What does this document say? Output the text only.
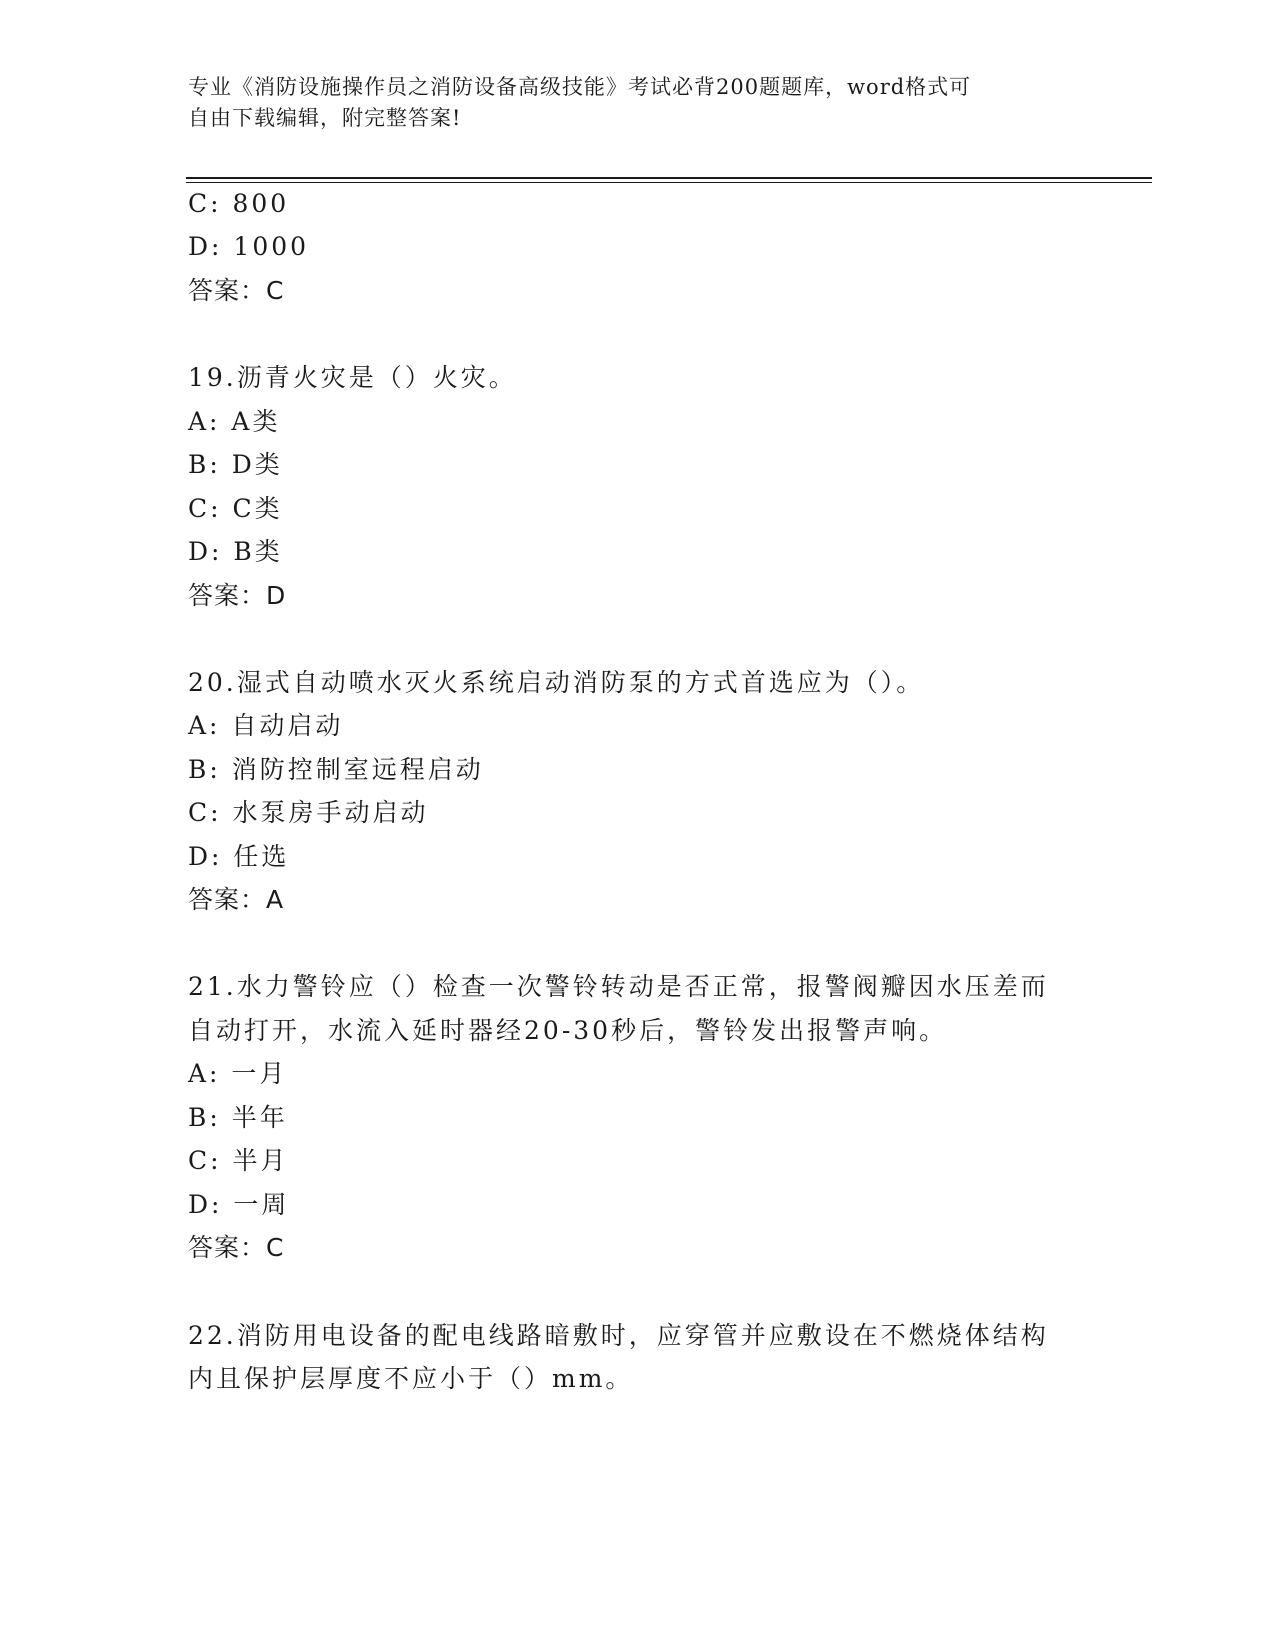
专业《消防设施操作员之消防设备高级技能》考试必背200题题库，word格式可
自由下载编辑，附完整答案!
C: 800
D: 1000
答案：C
19.沥青火灾是（）火灾。
A: A类
B: D类
C: C类
D: B类
答案：D
20.湿式自动喷水灭火系统启动消防泵的方式首选应为（）。
A: 自动启动
B: 消防控制室远程启动
C: 水泵房手动启动
D: 任选
答案：A
21.水力警铃应（）检查一次警铃转动是否正常，报警阀瓣因水压差而
自动打开，水流入延时器经20-30秒后，警铃发出报警声响。
A: 一月
B: 半年
C: 半月
D: 一周
答案：C
22.消防用电设备的配电线路暗敷时，应穿管并应敷设在不燃烧体结构
内且保护层厚度不应小于（）mm。
